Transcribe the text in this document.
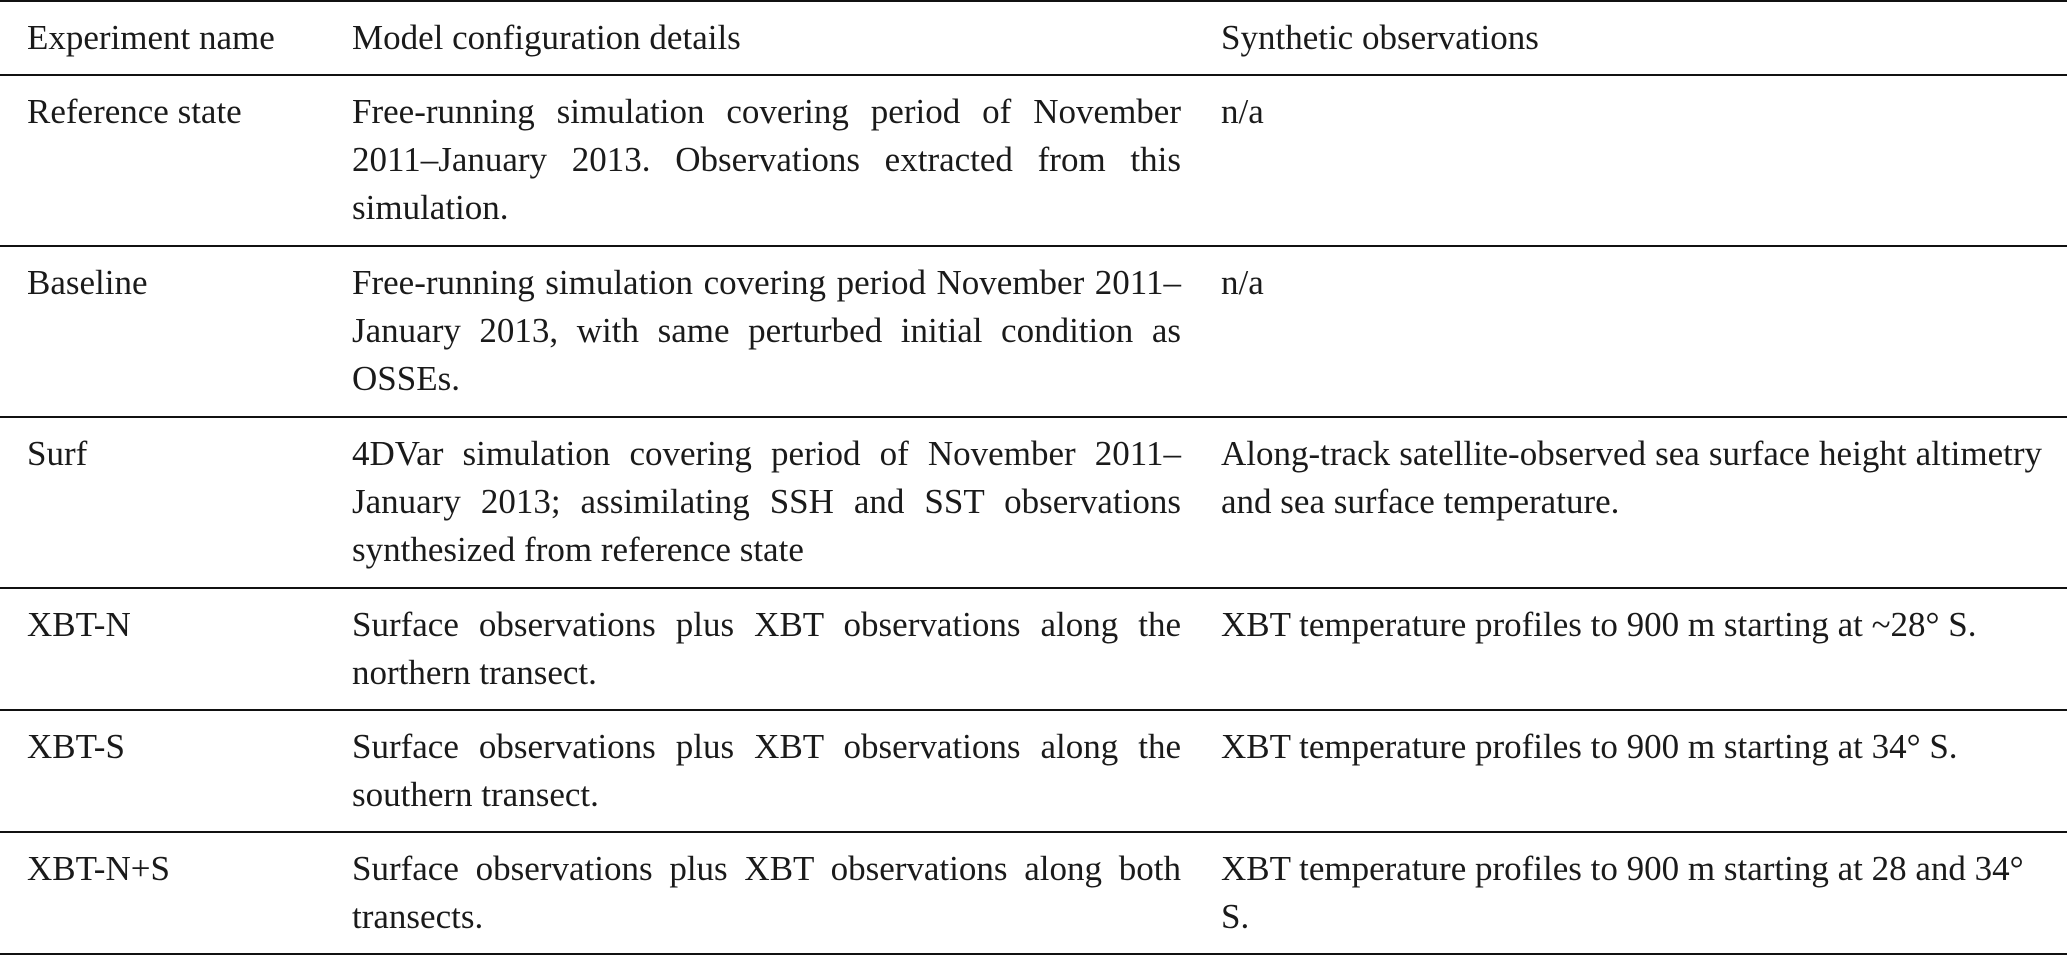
Experiment name	Model configuration details	Synthetic observations

Reference state	Free-running simulation covering period of November 2011–January 2013. Observations extracted from this simulation.	n/a

Baseline	Free-running simulation covering period November 2011–January 2013, with same perturbed initial condition as OSSEs.	n/a

Surf	4DVar simulation covering period of November 2011–January 2013; assimilating SSH and SST observations synthesized from reference state	Along-track satellite-observed sea surface height altimetry and sea surface temperature.

XBT-N	Surface observations plus XBT observations along the northern transect.	XBT temperature profiles to 900 m starting at ~28° S.

XBT-S	Surface observations plus XBT observations along the southern transect.	XBT temperature profiles to 900 m starting at 34° S.

XBT-N+S	Surface observations plus XBT observations along both transects.	XBT temperature profiles to 900 m starting at 28 and 34° S.
